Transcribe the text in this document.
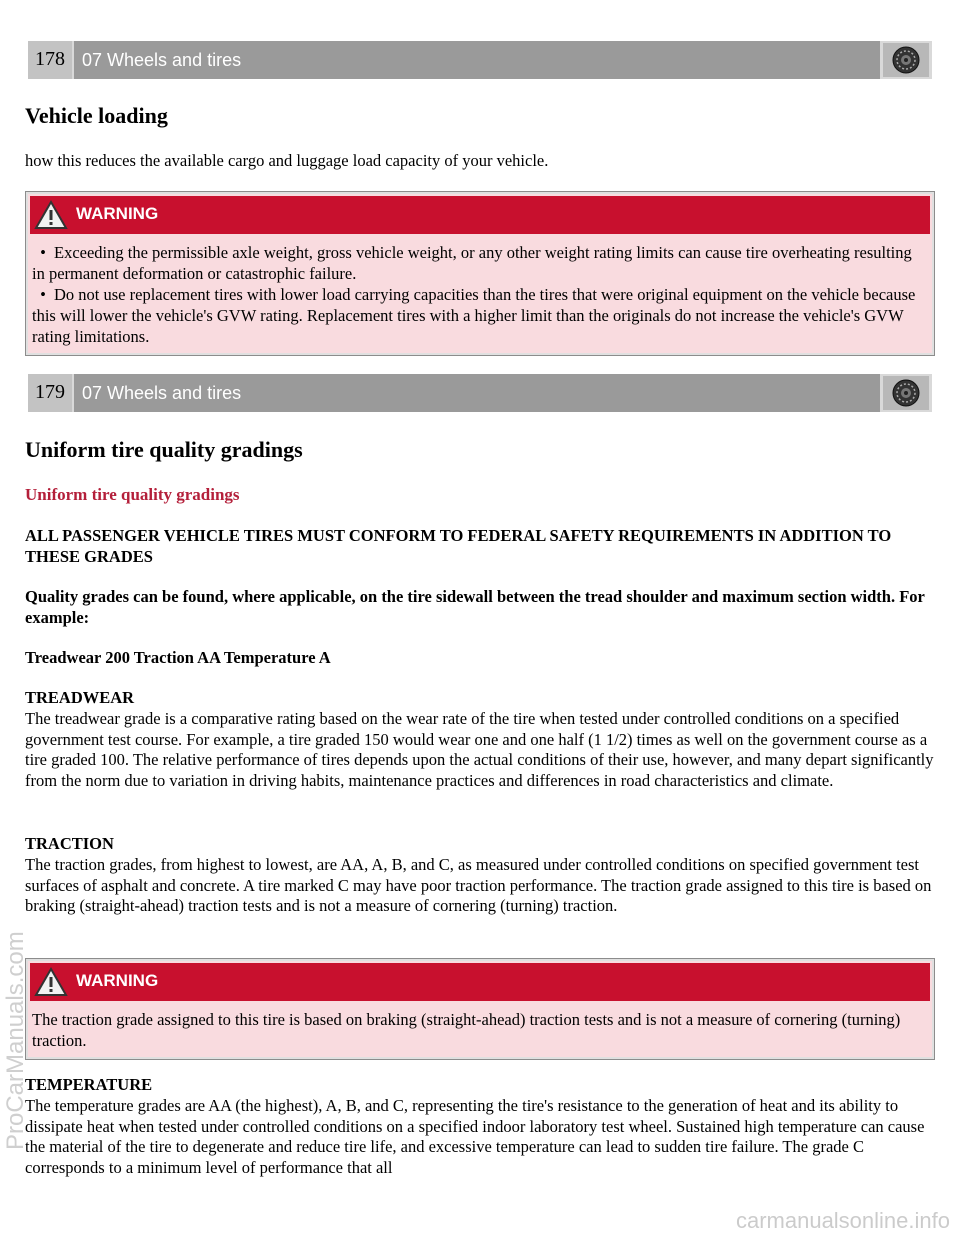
178 07 Wheels and tires
Vehicle loading

how this reduces the available cargo and luggage load capacity of your vehicle.

WARNING
• Exceeding the permissible axle weight, gross vehicle weight, or any other weight rating limits can cause tire overheating resulting in permanent deformation or catastrophic failure.
• Do not use replacement tires with lower load carrying capacities than the tires that were original equipment on the vehicle because this will lower the vehicle's GVW rating. Replacement tires with a higher limit than the originals do not increase the vehicle's GVW rating limitations.
179 07 Wheels and tires
Uniform tire quality gradings

Uniform tire quality gradings

ALL PASSENGER VEHICLE TIRES MUST CONFORM TO FEDERAL SAFETY REQUIREMENTS IN ADDITION TO THESE GRADES

Quality grades can be found, where applicable, on the tire sidewall between the tread shoulder and maximum section width. For example:

Treadwear 200 Traction AA Temperature A

TREADWEAR

The treadwear grade is a comparative rating based on the wear rate of the tire when tested under controlled conditions on a specified government test course. For example, a tire graded 150 would wear one and one half (1 1/2) times as well on the government course as a tire graded 100. The relative performance of tires depends upon the actual conditions of their use, however, and many depart significantly from the norm due to variation in driving habits, maintenance practices and differences in road characteristics and climate.

TRACTION

The traction grades, from highest to lowest, are AA, A, B, and C, as measured under controlled conditions on specified government test surfaces of asphalt and concrete. A tire marked C may have poor traction performance. The traction grade assigned to this tire is based on braking (straight-ahead) traction tests and is not a measure of cornering (turning) traction.

WARNING
The traction grade assigned to this tire is based on braking (straight-ahead) traction tests and is not a measure of cornering (turning) traction.

TEMPERATURE

The temperature grades are AA (the highest), A, B, and C, representing the tire's resistance to the generation of heat and its ability to dissipate heat when tested under controlled conditions on a specified indoor laboratory test wheel. Sustained high temperature can cause the material of the tire to degenerate and reduce tire life, and excessive temperature can lead to sudden tire failure. The grade C corresponds to a minimum level of performance that all

ProCarManuals.com
carmanualsonline.info
